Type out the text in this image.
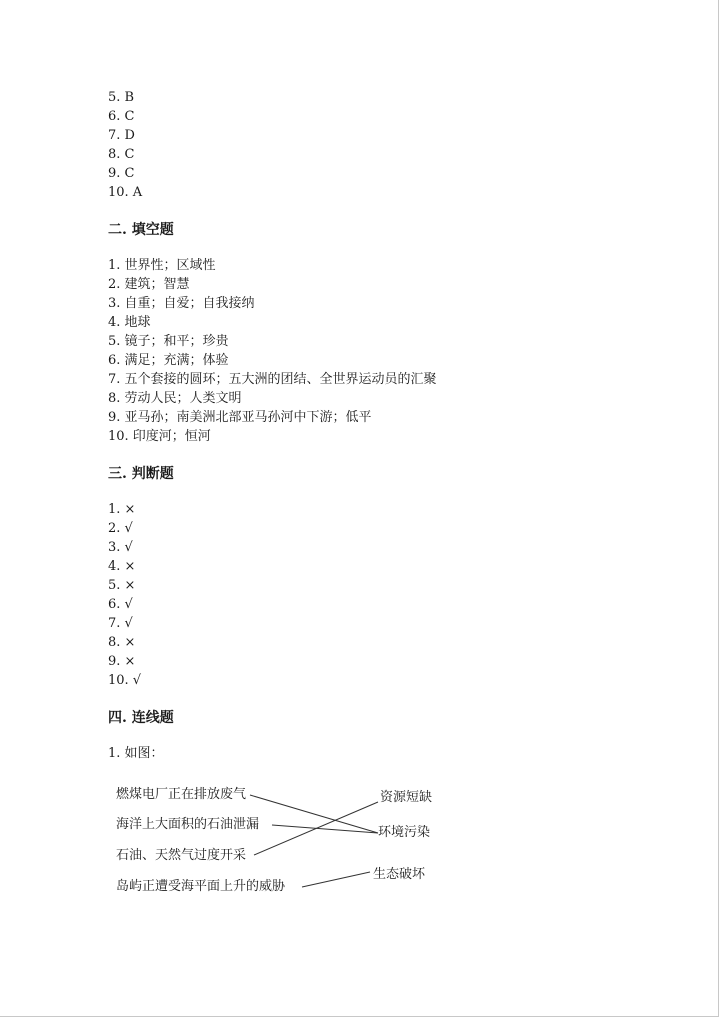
5. B
6. C
7. D
8. C
9. C
10. A
二. 填空题
1. 世界性；区域性
2. 建筑；智慧
3. 自重；自爱；自我接纳
4. 地球
5. 镜子；和平；珍贵
6. 满足；充满；体验
7. 五个套接的圆环；五大洲的团结、全世界运动员的汇聚
8. 劳动人民；人类文明
9. 亚马孙；南美洲北部亚马孙河中下游；低平
10. 印度河；恒河
三. 判断题
1. ×
2. √
3. √
4. ×
5. ×
6. √
7. √
8. ×
9. ×
10. √
四. 连线题
1. 如图：
燃煤电厂正在排放废气
海洋上大面积的石油泄漏
石油、天然气过度开采
岛屿正遭受海平面上升的威胁
资源短缺
环境污染
生态破坏
